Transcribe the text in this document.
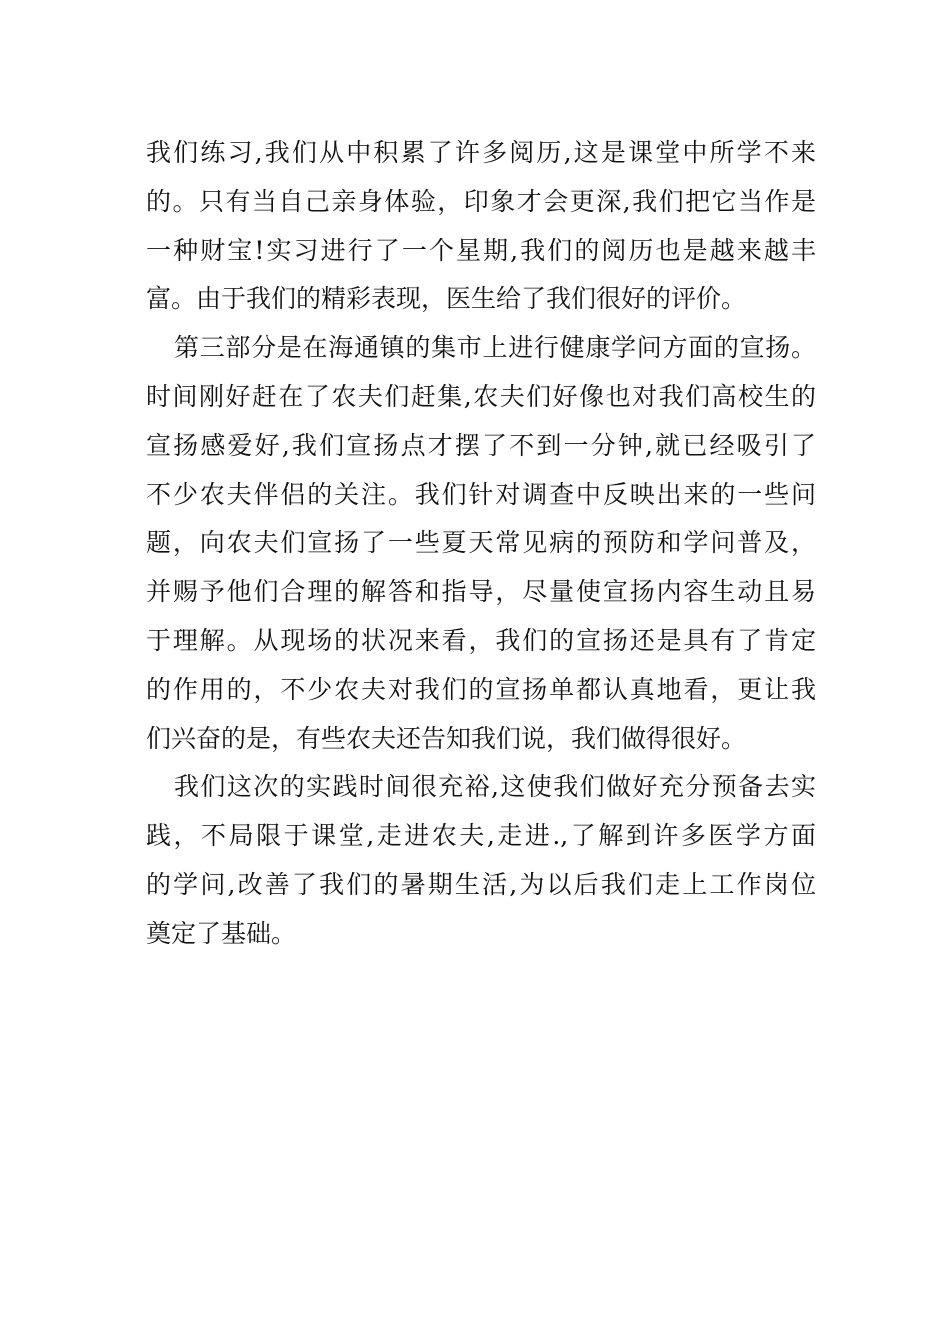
我们练习,我们从中积累了许多阅历,这是课堂中所学不来
的。只有当自己亲身体验，印象才会更深,我们把它当作是
一种财宝!实习进行了一个星期,我们的阅历也是越来越丰
富。由于我们的精彩表现，医生给了我们很好的评价。
第三部分是在海通镇的集市上进行健康学问方面的宣扬。
时间刚好赶在了农夫们赶集,农夫们好像也对我们高校生的
宣扬感爱好,我们宣扬点才摆了不到一分钟,就已经吸引了
不少农夫伴侣的关注。我们针对调查中反映出来的一些问
题，向农夫们宣扬了一些夏天常见病的预防和学问普及，
并赐予他们合理的解答和指导，尽量使宣扬内容生动且易
于理解。从现场的状况来看，我们的宣扬还是具有了肯定
的作用的，不少农夫对我们的宣扬单都认真地看，更让我
们兴奋的是，有些农夫还告知我们说，我们做得很好。
我们这次的实践时间很充裕,这使我们做好充分预备去实
践，不局限于课堂,走进农夫,走进.,了解到许多医学方面
的学问,改善了我们的暑期生活,为以后我们走上工作岗位
奠定了基础。
